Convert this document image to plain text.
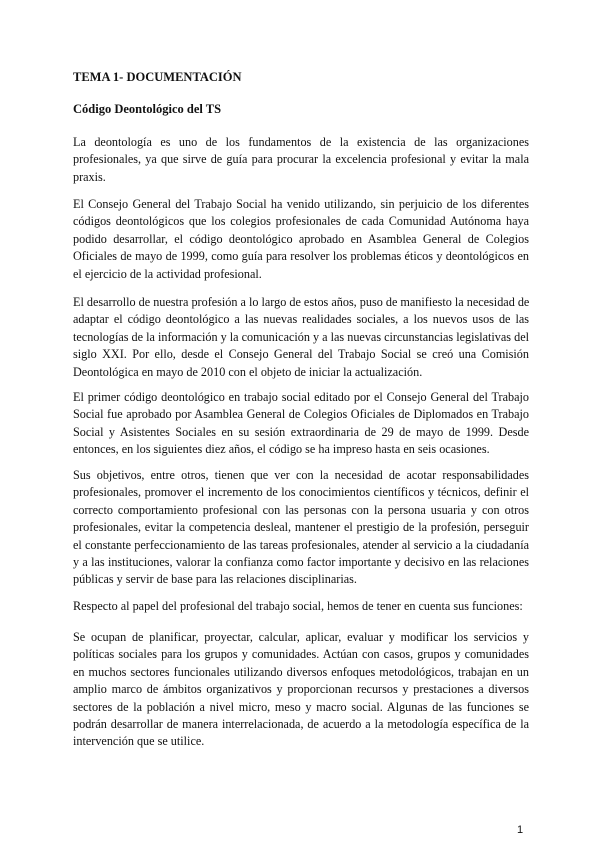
TEMA 1- DOCUMENTACIÓN
Código Deontológico del TS
La deontología es uno de los fundamentos de la existencia de las organizaciones
profesionales, ya que sirve de guía para procurar la excelencia profesional y evitar la mala
praxis.
El Consejo General del Trabajo Social ha venido utilizando, sin perjuicio de los diferentes
códigos deontológicos que los colegios profesionales de cada Comunidad Autónoma haya
podido desarrollar, el código deontológico aprobado en Asamblea General de Colegios
Oficiales de mayo de 1999, como guía para resolver los problemas éticos y deontológicos en
el ejercicio de la actividad profesional.
El desarrollo de nuestra profesión a lo largo de estos años, puso de manifiesto la necesidad de
adaptar el código deontológico a las nuevas realidades sociales, a los nuevos usos de las
tecnologías de la información y la comunicación y a las nuevas circunstancias legislativas del
siglo XXI. Por ello, desde el Consejo General del Trabajo Social se creó una Comisión
Deontológica en mayo de 2010 con el objeto de iniciar la actualización.
El primer código deontológico en trabajo social editado por el Consejo General del Trabajo
Social fue aprobado por Asamblea General de Colegios Oficiales de Diplomados en Trabajo
Social y Asistentes Sociales en su sesión extraordinaria de 29 de mayo de 1999. Desde
entonces, en los siguientes diez años, el código se ha impreso hasta en seis ocasiones.
Sus objetivos, entre otros, tienen que ver con la necesidad de acotar responsabilidades
profesionales, promover el incremento de los conocimientos científicos y técnicos, definir el
correcto comportamiento profesional con las personas con la persona usuaria y con otros
profesionales, evitar la competencia desleal, mantener el prestigio de la profesión, perseguir
el constante perfeccionamiento de las tareas profesionales, atender al servicio a la ciudadanía
y a las instituciones, valorar la confianza como factor importante y decisivo en las relaciones
públicas y servir de base para las relaciones disciplinarias.
Respecto al papel del profesional del trabajo social, hemos de tener en cuenta sus funciones:
Se ocupan de planificar, proyectar, calcular, aplicar, evaluar y modificar los servicios y
políticas sociales para los grupos y comunidades. Actúan con casos, grupos y comunidades
en muchos sectores funcionales utilizando diversos enfoques metodológicos, trabajan en un
amplio marco de ámbitos organizativos y proporcionan recursos y prestaciones a diversos
sectores de la población a nivel micro, meso y macro social. Algunas de las funciones se
podrán desarrollar de manera interrelacionada, de acuerdo a la metodología específica de la
intervención que se utilice.
1
